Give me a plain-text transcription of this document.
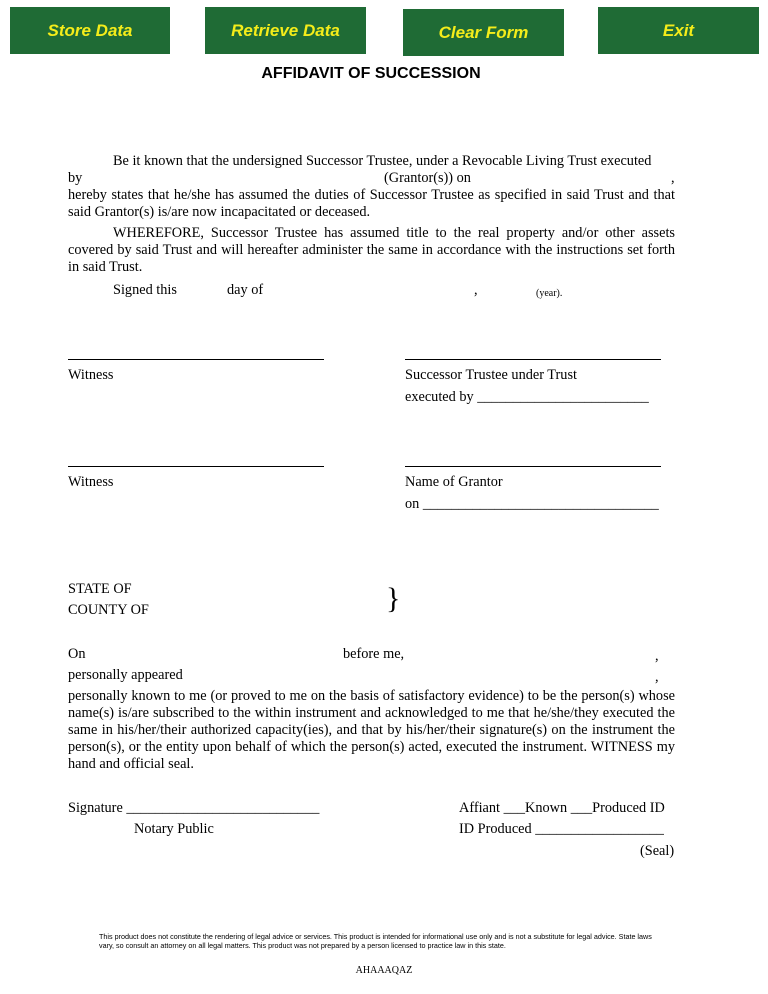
Store Data	Retrieve Data	Clear Form	Exit
AFFIDAVIT OF SUCCESSION
Be it known that the undersigned Successor Trustee, under a Revocable Living Trust executed
by	(Grantor(s)) on	,
hereby states that he/she has assumed the duties of Successor Trustee as specified in said Trust and that said Grantor(s) is/are now incapacitated or deceased.
WHEREFORE, Successor Trustee has assumed title to the real property and/or other assets covered by said Trust and will hereafter administer the same in accordance with the instructions set forth in said Trust.
Signed this	day of	,	(year).
Witness	Successor Trustee under Trust
executed by ________________________
Witness	Name of Grantor
on _________________________________
STATE OF
COUNTY OF	}
On	before me,	,
personally appeared	,
personally known to me (or proved to me on the basis of satisfactory evidence) to be the person(s) whose name(s) is/are subscribed to the within instrument and acknowledged to me that he/she/they executed the same in his/her/their authorized capacity(ies), and that by his/her/their signature(s) on the instrument the person(s), or the entity upon behalf of which the person(s) acted, executed the instrument. WITNESS my hand and official seal.
Signature ___________________________
Notary Public
Affiant ___Known ___Produced ID
ID Produced __________________
(Seal)
This product does not constitute the rendering of legal advice or services. This product is intended for informational use only and is not a substitute for legal advice. State laws vary, so consult an attorney on all legal matters. This product was not prepared by a person licensed to practice law in this state.
AHAAAQAZ
